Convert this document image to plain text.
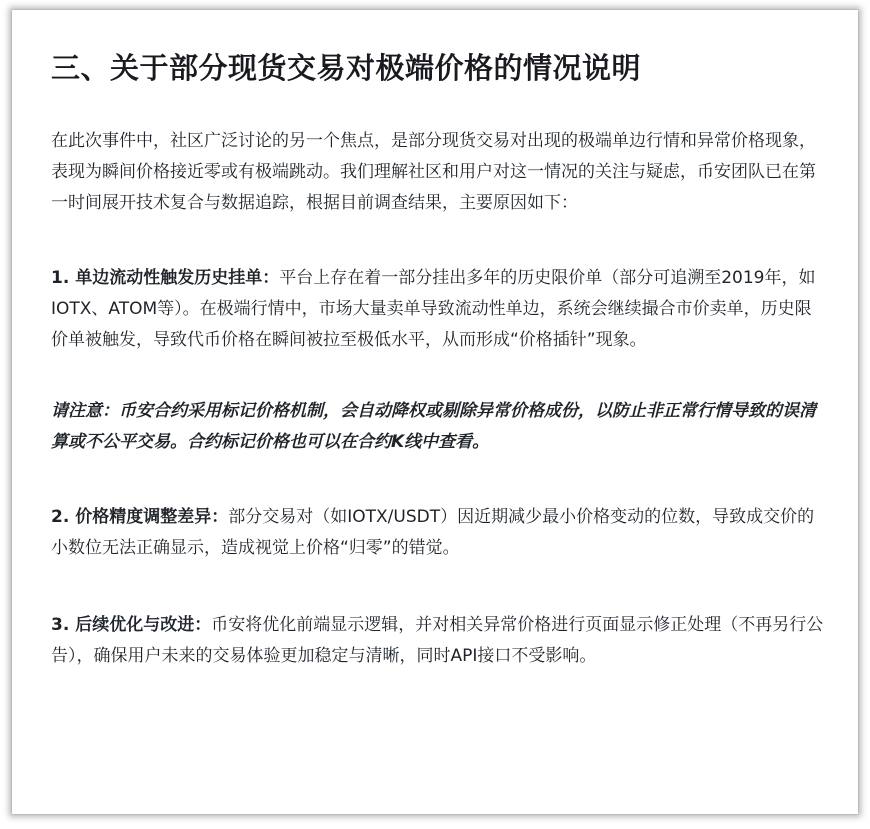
三、关于部分现货交易对极端价格的情况说明

在此次事件中，社区广泛讨论的另一个焦点，是部分现货交易对出现的极端单边行情和异常价格现象，表现为瞬间价格接近零或有极端跳动。我们理解社区和用户对这一情况的关注与疑虑，币安团队已在第一时间展开技术复合与数据追踪，根据目前调查结果，主要原因如下：

1. 单边流动性触发历史挂单：平台上存在着一部分挂出多年的历史限价单（部分可追溯至2019年，如IOTX、ATOM等）。在极端行情中，市场大量卖单导致流动性单边，系统会继续撮合市价卖单，历史限价单被触发，导致代币价格在瞬间被拉至极低水平，从而形成“价格插针”现象。

请注意：币安合约采用标记价格机制，会自动降权或剔除异常价格成份，以防止非正常行情导致的误清算或不公平交易。合约标记价格也可以在合约K线中查看。

2. 价格精度调整差异：部分交易对（如IOTX/USDT）因近期减少最小价格变动的位数，导致成交价的小数位无法正确显示，造成视觉上价格“归零”的错觉。

3. 后续优化与改进：币安将优化前端显示逻辑，并对相关异常价格进行页面显示修正处理（不再另行公告），确保用户未来的交易体验更加稳定与清晰，同时API接口不受影响。
